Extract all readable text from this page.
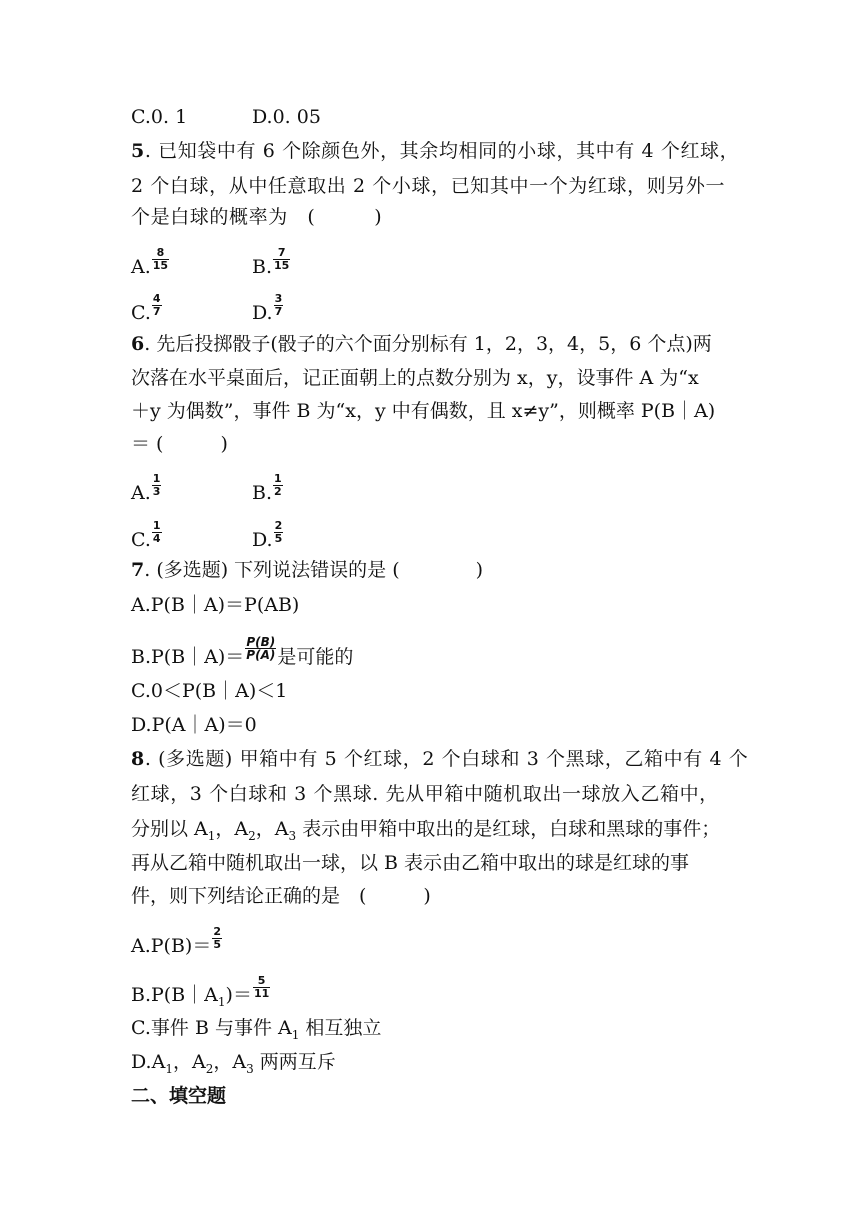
C.0. 1	D.0. 05
5. 已知袋中有 6 个除颜色外，其余均相同的小球，其中有 4 个红球，
2 个白球，从中任意取出 2 个小球，已知其中一个为红球，则另外一
个是白球的概率为　(　　　)
A. $\frac{8}{15}$	B. $\frac{7}{15}$
C. $\frac{4}{7}$	D. $\frac{3}{7}$
6. 先后投掷骰子(骰子的六个面分别标有 1，2，3，4，5，6 个点)两
次落在水平桌面后，记正面朝上的点数分别为 x，y，设事件 A 为“x
＋y 为偶数”，事件 B 为“x，y 中有偶数，且 x≠y”，则概率 P(B｜A)
＝ (　　　)
A. $\frac{1}{3}$	B. $\frac{1}{2}$
C. $\frac{1}{4}$	D. $\frac{2}{5}$
7. (多选题) 下列说法错误的是 (　　　　)
A.P(B｜A)＝P(AB)
B.P(B｜A)＝ $\frac{P(B)}{P(A)}$ 是可能的
C.0＜P(B｜A)＜1
D.P(A｜A)＝0
8. (多选题) 甲箱中有 5 个红球，2 个白球和 3 个黑球，乙箱中有 4 个
红球，3 个白球和 3 个黑球. 先从甲箱中随机取出一球放入乙箱中，
分别以 $A_1$，$A_2$，$A_3$ 表示由甲箱中取出的是红球，白球和黑球的事件；
再从乙箱中随机取出一球，以 B 表示由乙箱中取出的球是红球的事
件，则下列结论正确的是　(　　　)
$A.P(B)= \frac{2}{5}$
$B.P(B|A_1)= \frac{5}{11}$
C.事件 B 与事件 $A_1$ 相互独立
$D.A_1$，$A_2$，$A_3$ 两两互斥
二、填空题
